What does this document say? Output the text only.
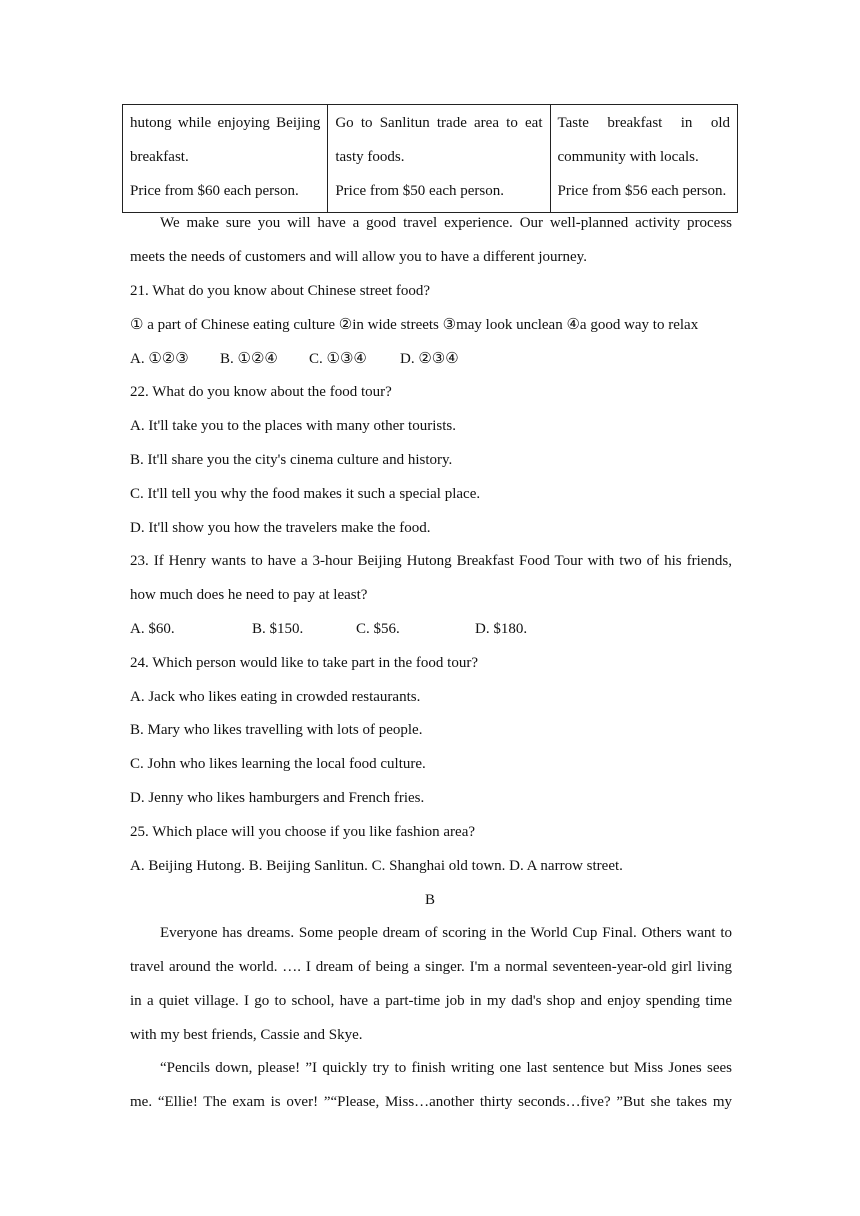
hutong while enjoying Beijing
breakfast.
Price from $60 each person.

Go to Sanlitun trade area to eat
tasty foods.
Price from $50 each person.

Taste breakfast in old
community with locals.
Price from $56 each person.
We make sure you will have a good travel experience. Our well-planned activity process
meets the needs of customers and will allow you to have a different journey.
21. What do you know about Chinese street food?
① a part of Chinese eating culture ②in wide streets ③may look unclean ④a good way to relax
A. ①②③ B. ①②④ C. ①③④ D. ②③④
22. What do you know about the food tour?
A. It'll take you to the places with many other tourists.
B. It'll share you the city's cinema culture and history.
C. It'll tell you why the food makes it such a special place.
D. It'll show you how the travelers make the food.
23. If Henry wants to have a 3-hour Beijing Hutong Breakfast Food Tour with two of his friends,
how much does he need to pay at least?
A. $60.	B. $150.	C. $56.	D. $180.
24. Which person would like to take part in the food tour?
A. Jack who likes eating in crowded restaurants.
B. Mary who likes travelling with lots of people.
C. John who likes learning the local food culture.
D. Jenny who likes hamburgers and French fries.
25. Which place will you choose if you like fashion area?
A. Beijing Hutong. B. Beijing Sanlitun. C. Shanghai old town. D. A narrow street.
B
Everyone has dreams. Some people dream of scoring in the World Cup Final. Others want to
travel around the world. …. I dream of being a singer. I'm a normal seventeen-year-old girl living
in a quiet village. I go to school, have a part-time job in my dad's shop and enjoy spending time
with my best friends, Cassie and Skye.
“Pencils down, please! ”I quickly try to finish writing one last sentence but Miss Jones sees
me. “Ellie! The exam is over! ”“Please, Miss…another thirty seconds…five? ”But she takes my
